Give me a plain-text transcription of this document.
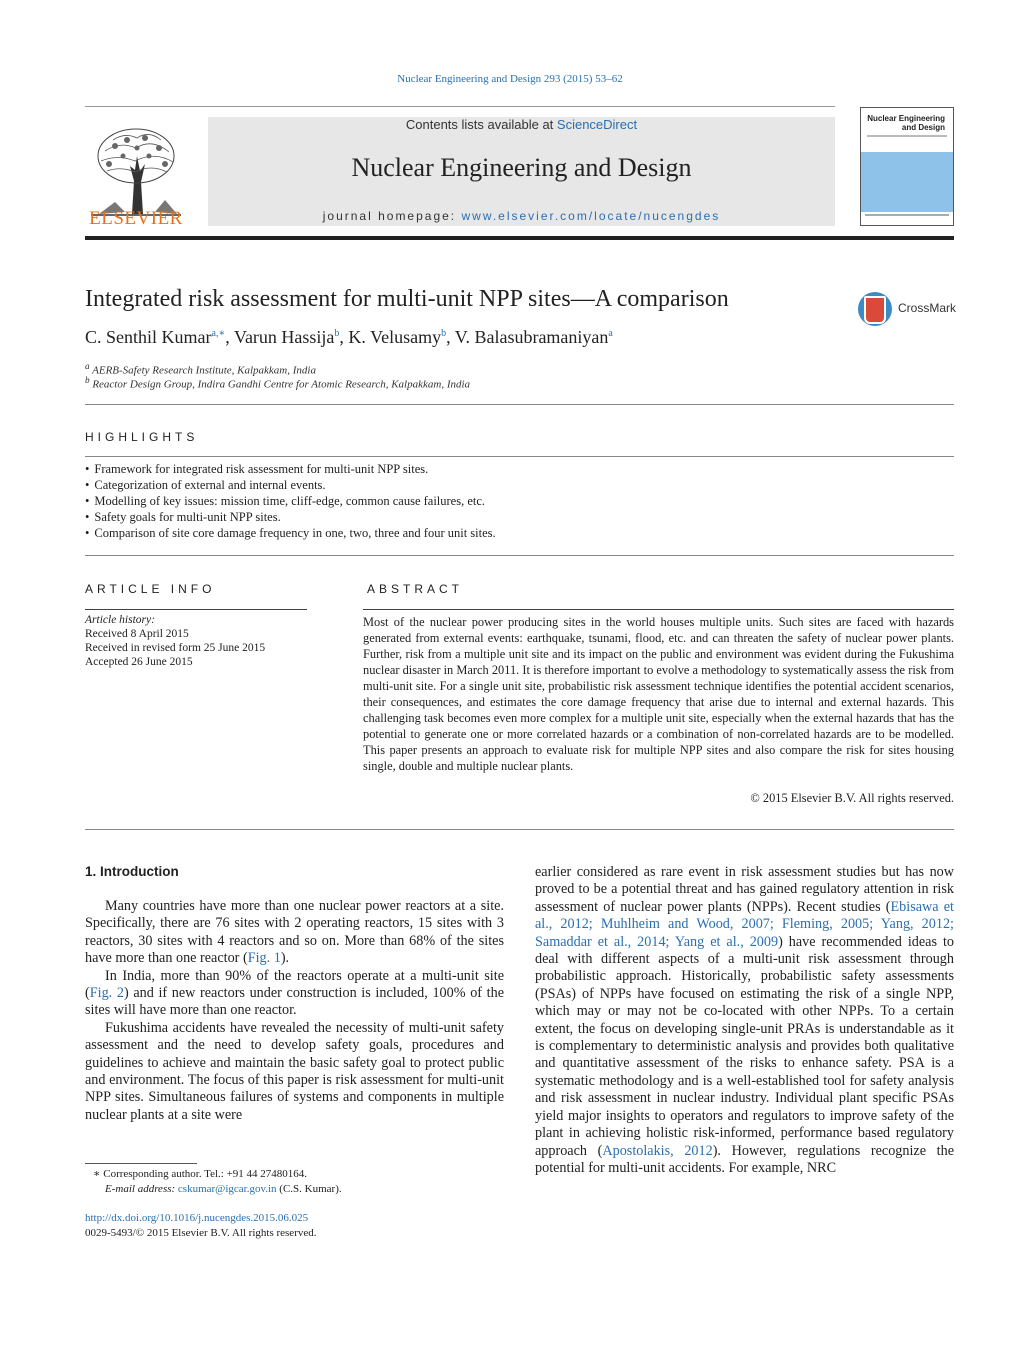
Nuclear Engineering and Design 293 (2015) 53–62
ELSEVIER
Contents lists available at ScienceDirect
Nuclear Engineering and Design
journal homepage: www.elsevier.com/locate/nucengdes
Nuclear Engineering and Design
Integrated risk assessment for multi-unit NPP sites—A comparison	CrossMark
C. Senthil Kumar$^{a,∗}$, Varun Hassija$^b$, K. Velusamy$^b$, V. Balasubramaniyan$^a$
$^a$ AERB-Safety Research Institute, Kalpakkam, India
$^b$ Reactor Design Group, Indira Gandhi Centre for Atomic Research, Kalpakkam, India
HIGHLIGHTS
• Framework for integrated risk assessment for multi-unit NPP sites.
• Categorization of external and internal events.
• Modelling of key issues: mission time, cliff-edge, common cause failures, etc.
• Safety goals for multi-unit NPP sites.
• Comparison of site core damage frequency in one, two, three and four unit sites.
ARTICLE INFO
Article history:
Received 8 April 2015
Received in revised form 25 June 2015
Accepted 26 June 2015
ABSTRACT
Most of the nuclear power producing sites in the world houses multiple units. Such sites are faced with hazards generated from external events: earthquake, tsunami, flood, etc. and can threaten the safety of nuclear power plants. Further, risk from a multiple unit site and its impact on the public and environment was evident during the Fukushima nuclear disaster in March 2011. It is therefore important to evolve a methodology to systematically assess the risk from multi-unit site. For a single unit site, probabilistic risk assessment technique identifies the potential accident scenarios, their consequences, and estimates the core damage frequency that arise due to internal and external hazards. This challenging task becomes even more complex for a multiple unit site, especially when the external hazards that has the potential to generate one or more correlated hazards or a combination of non-correlated hazards are to be modelled. This paper presents an approach to evaluate risk for multiple NPP sites and also compare the risk for sites housing single, double and multiple nuclear plants.
© 2015 Elsevier B.V. All rights reserved.
1. Introduction

Many countries have more than one nuclear power reactors at a site. Specifically, there are 76 sites with 2 operating reactors, 15 sites with 3 reactors, 30 sites with 4 reactors and so on. More than 68% of the sites have more than one reactor (Fig. 1).

In India, more than 90% of the reactors operate at a multi-unit site (Fig. 2) and if new reactors under construction is included, 100% of the sites will have more than one reactor.

Fukushima accidents have revealed the necessity of multi-unit safety assessment and the need to develop safety goals, procedures and guidelines to achieve and maintain the basic safety goal to protect public and environment. The focus of this paper is risk assessment for multi-unit NPP sites. Simultaneous failures of systems and components in multiple nuclear plants at a site were

earlier considered as rare event in risk assessment studies but has now proved to be a potential threat and has gained regulatory attention in risk assessment of nuclear power plants (NPPs). Recent studies (Ebisawa et al., 2012; Muhlheim and Wood, 2007; Fleming, 2005; Yang, 2012; Samaddar et al., 2014; Yang et al., 2009) have recommended ideas to deal with different aspects of a multi-unit risk assessment through probabilistic approach. Historically, probabilistic safety assessments (PSAs) of NPPs have focused on estimating the risk of a single NPP, which may or may not be co-located with other NPPs. To a certain extent, the focus on developing single-unit PRAs is understandable as it is complementary to deterministic analysis and provides both qualitative and quantitative assessment of the risks to enhance safety. PSA is a systematic methodology and is a well-established tool for safety analysis and risk assessment in nuclear industry. Individual plant specific PSAs yield major insights to operators and regulators to improve safety of the plant in achieving holistic risk-informed, performance based regulatory approach (Apostolakis, 2012). However, regulations recognize the potential for multi-unit accidents. For example, NRC

∗ Corresponding author. Tel.: +91 44 27480164.
E-mail address: cskumar@igcar.gov.in (C.S. Kumar).
http://dx.doi.org/10.1016/j.nucengdes.2015.06.025
0029-5493/© 2015 Elsevier B.V. All rights reserved.
